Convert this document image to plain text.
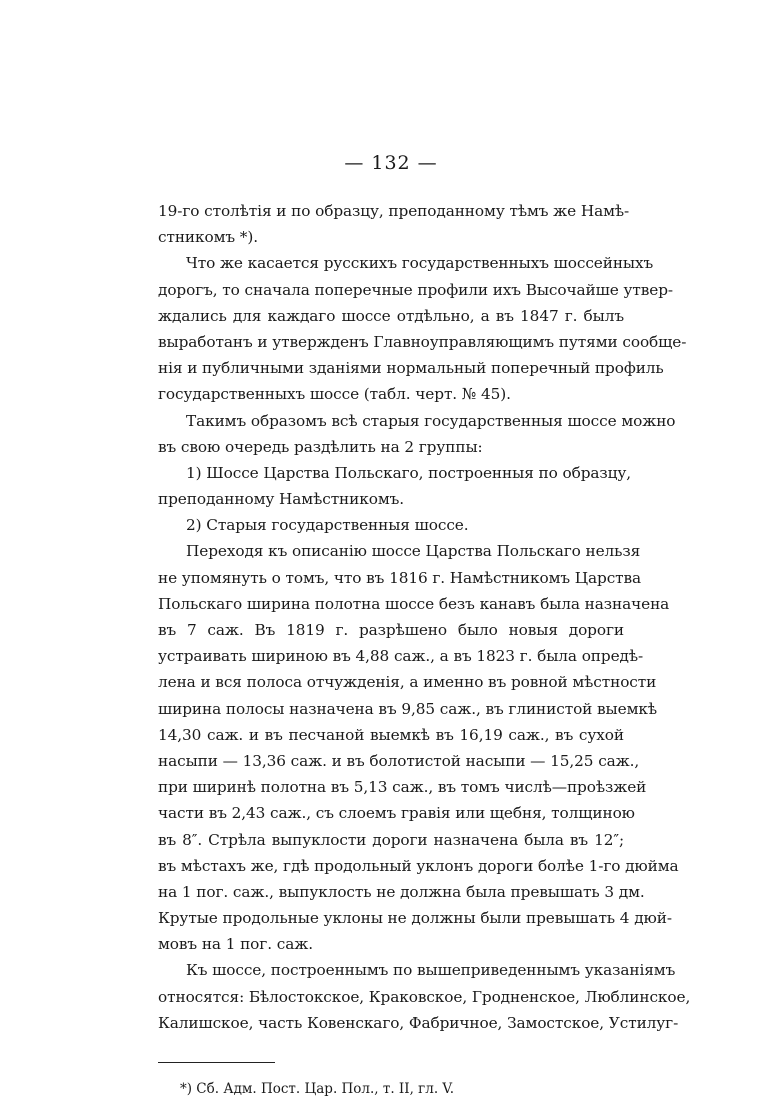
— 132 —
19-го столѣтія и по образцу, преподанному тѣмъ же Намѣ-
стникомъ *).
Что же касается русскихъ государственныхъ шоссейныхъ
дорогъ, то сначала поперечные профили ихъ Высочайше утвер-
ждались для каждаго шоссе отдѣльно, а въ 1847 г. былъ
выработанъ и утвержденъ Главноуправляющимъ путями сообще-
нія и публичными зданіями нормальный поперечный профиль
государственныхъ шоссе (табл. черт. № 45).
Такимъ образомъ всѣ старыя государственныя шоссе можно
въ свою очередь раздѣлить на 2 группы:
1) Шоссе Царства Польскаго, построенныя по образцу,
преподанному Намѣстникомъ.
2) Старыя государственныя шоссе.
Переходя къ описанію шоссе Царства Польскаго нельзя
не упомянуть о томъ, что въ 1816 г. Намѣстникомъ Царства
Польскаго ширина полотна шоссе безъ канавъ была назначена
въ 7 саж. Въ 1819 г. разрѣшено было новыя дороги
устраивать шириною въ 4,88 саж., а въ 1823 г. была опредѣ-
лена и вся полоса отчужденія, а именно въ ровной мѣстности
ширина полосы назначена въ 9,85 саж., въ глинистой выемкѣ
14,30 саж. и въ песчаной выемкѣ въ 16,19 саж., въ сухой
насыпи — 13,36 саж. и въ болотистой насыпи — 15,25 саж.,
при ширинѣ полотна въ 5,13 саж., въ томъ числѣ—проѣзжей
части въ 2,43 саж., съ слоемъ гравія или щебня, толщиною
въ 8″. Стрѣла выпуклости дороги назначена была въ 12″;
въ мѣстахъ же, гдѣ продольный уклонъ дороги болѣе 1-го дюйма
на 1 пог. саж., выпуклость не должна была превышать 3 дм.
Крутые продольные уклоны не должны были превышать 4 дюй-
мовъ на 1 пог. саж.
Къ шоссе, построеннымъ по вышеприведеннымъ указаніямъ
относятся: Бѣлостокское, Краковское, Гродненское, Люблинское,
Калишское, часть Ковенскаго, Фабричное, Замостское, Устилуг-
*) Сб. Адм. Пост. Цар. Пол., т. II, гл. V.
